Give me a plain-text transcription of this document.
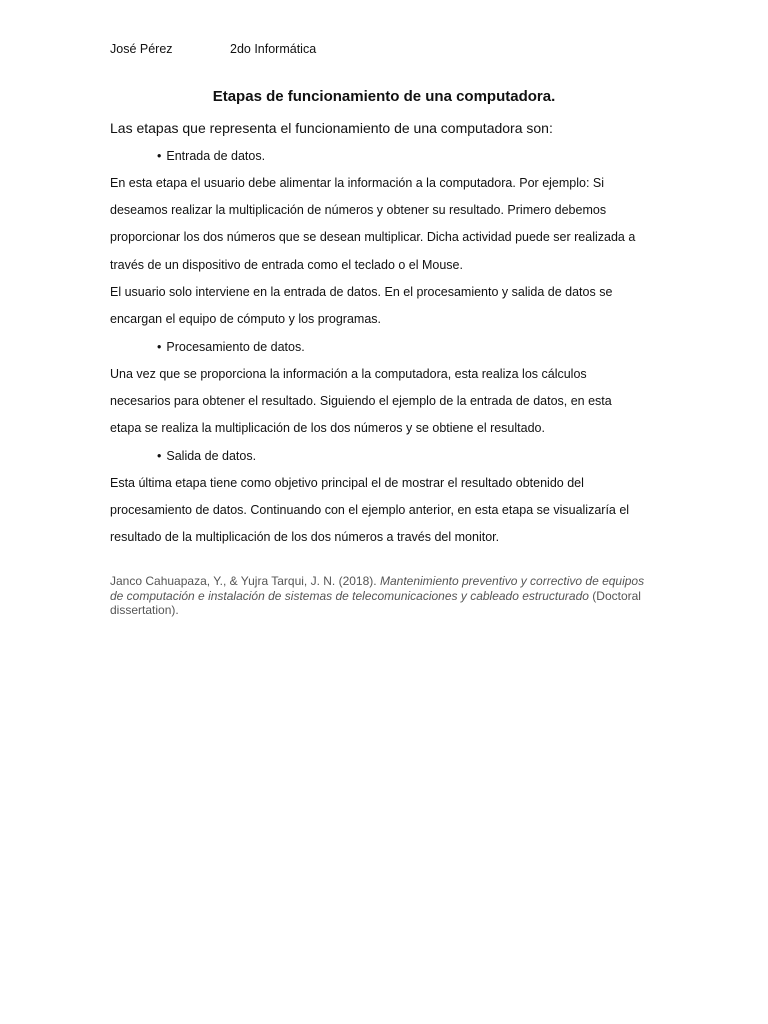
José Pérez	2do Informática
Etapas de funcionamiento de una computadora.
Las etapas que representa el funcionamiento de una computadora son:
• Entrada de datos.
En esta etapa el usuario debe alimentar la información a la computadora. Por ejemplo: Si deseamos realizar la multiplicación de números y obtener su resultado. Primero debemos proporcionar los dos números que se desean multiplicar. Dicha actividad puede ser realizada a través de un dispositivo de entrada como el teclado o el Mouse.
El usuario solo interviene en la entrada de datos. En el procesamiento y salida de datos se encargan el equipo de cómputo y los programas.
• Procesamiento de datos.
Una vez que se proporciona la información a la computadora, esta realiza los cálculos necesarios para obtener el resultado. Siguiendo el ejemplo de la entrada de datos, en esta etapa se realiza la multiplicación de los dos números y se obtiene el resultado.
• Salida de datos.
Esta última etapa tiene como objetivo principal el de mostrar el resultado obtenido del procesamiento de datos. Continuando con el ejemplo anterior, en esta etapa se visualizaría el resultado de la multiplicación de los dos números a través del monitor.
Janco Cahuapaza, Y., & Yujra Tarqui, J. N. (2018). Mantenimiento preventivo y correctivo de equipos de computación e instalación de sistemas de telecomunicaciones y cableado estructurado (Doctoral dissertation).
